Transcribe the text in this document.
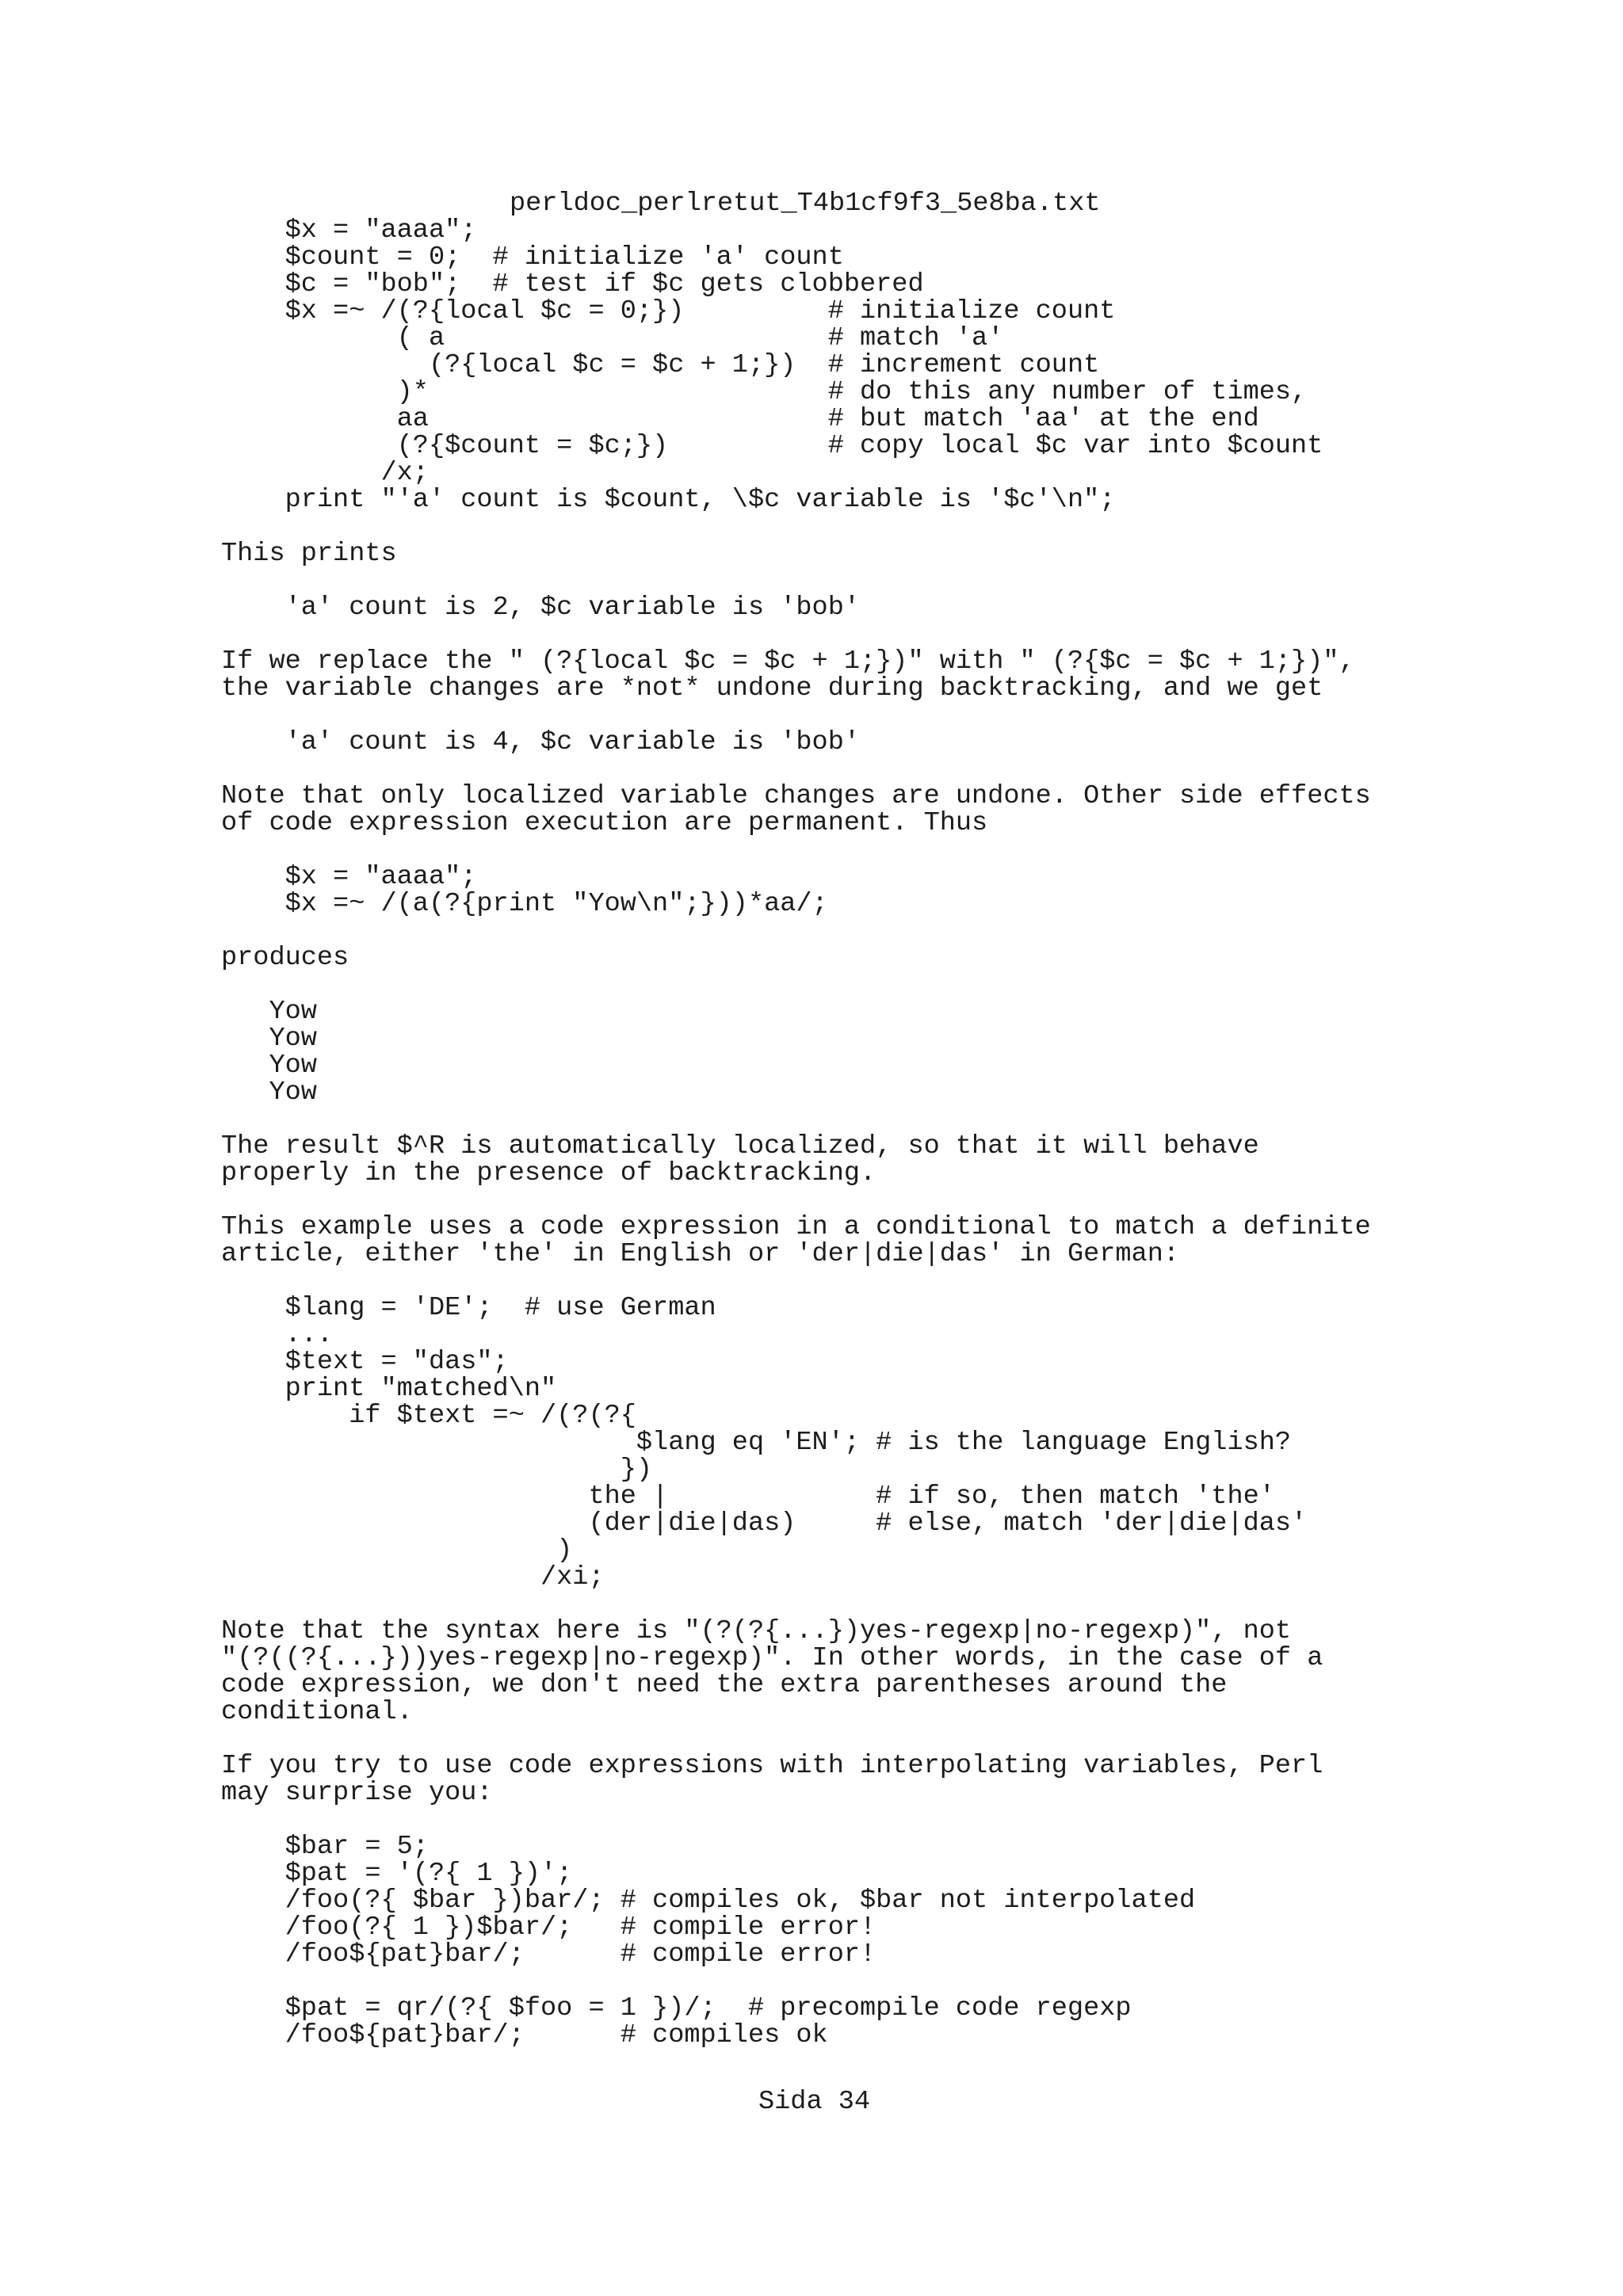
perldoc_perlretut_T4b1cf9f3_5e8ba.txt
$x = "aaaa";
$count = 0;  # initialize 'a' count
$c = "bob";  # test if $c gets clobbered
$x =~ /(?{local $c = 0;})         # initialize count
( a                        # match 'a'
(?{local $c = $c + 1;})  # increment count
)*                         # do this any number of times,
aa                         # but match 'aa' at the end
(?{$count = $c;})          # copy local $c var into $count
/x;
print "'a' count is $count, \$c variable is '$c'\n";

This prints

'a' count is 2, $c variable is 'bob'

If we replace the " (?{local $c = $c + 1;})" with " (?{$c = $c + 1;})",
the variable changes are *not* undone during backtracking, and we get

'a' count is 4, $c variable is 'bob'

Note that only localized variable changes are undone. Other side effects
of code expression execution are permanent. Thus

$x = "aaaa";
$x =~ /(a(?{print "Yow\n";}))*aa/;

produces

Yow
Yow
Yow
Yow

The result $^R is automatically localized, so that it will behave
properly in the presence of backtracking.

This example uses a code expression in a conditional to match a definite
article, either 'the' in English or 'der|die|das' in German:

$lang = 'DE';  # use German
...
$text = "das";
print "matched\n"
if $text =~ /(?(?{
$lang eq 'EN'; # is the language English?
})
the |             # if so, then match 'the'
(der|die|das)     # else, match 'der|die|das'
)
/xi;

Note that the syntax here is "(?(?{...})yes-regexp|no-regexp)", not
"(?((?{...}))yes-regexp|no-regexp)". In other words, in the case of a
code expression, we don't need the extra parentheses around the
conditional.

If you try to use code expressions with interpolating variables, Perl
may surprise you:

$bar = 5;
$pat = '(?{ 1 })';
/foo(?{ $bar })bar/; # compiles ok, $bar not interpolated
/foo(?{ 1 })$bar/;   # compile error!
/foo${pat}bar/;      # compile error!

$pat = qr/(?{ $foo = 1 })/;  # precompile code regexp
/foo${pat}bar/;      # compiles ok
Sida 34
